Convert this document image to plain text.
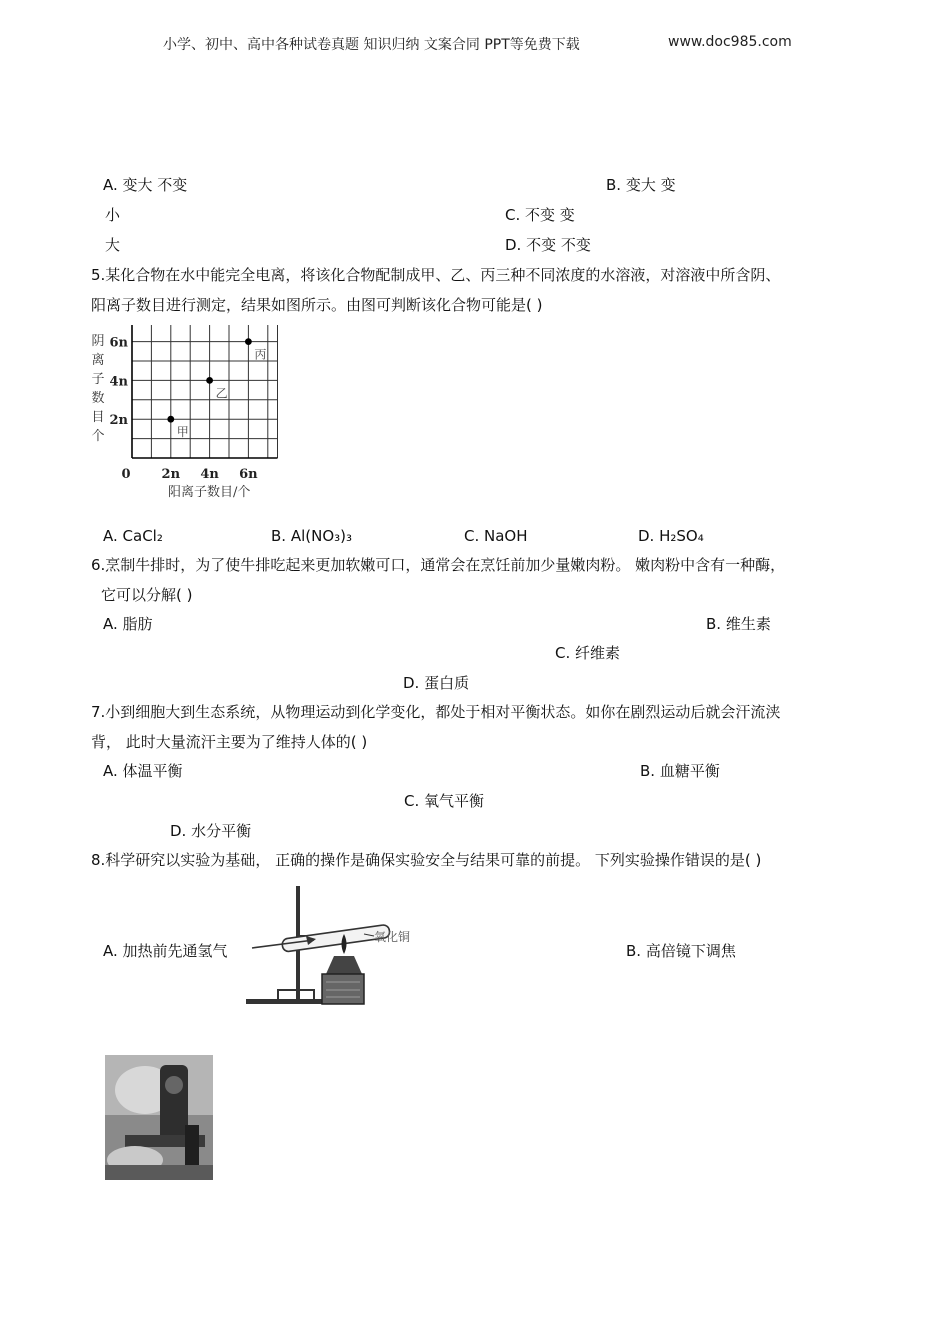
小学、初中、高中各种试卷真题 知识归纳 文案合同 PPT等免费下载	www.doc985.com
A. 变大 不变	B. 变大 变
小	C. 不变 变
大	D. 不变 不变
5.某化合物在水中能完全电离，将该化合物配制成甲、乙、丙三种不同浓度的水溶液，对溶液中所含阴、
阳离子数目进行测定，结果如图所示。由图可判断该化合物可能是( )
0 2n 4n 6n
2n
4n
6n
阴
离
子
数
目
个
阳离子数目/个
甲
乙
丙
A. CaCl₂	B. Al(NO₃)₃	C. NaOH	D. H₂SO₄
6.烹制牛排时，为了使牛排吃起来更加软嫩可口，通常会在烹饪前加少量嫩肉粉。 嫩肉粉中含有一种酶，
它可以分解( )
A. 脂肪	B. 维生素
C. 纤维素
D. 蛋白质
7.小到细胞大到生态系统，从物理运动到化学变化，都处于相对平衡状态。如你在剧烈运动后就会汗流浃
背， 此时大量流汗主要为了维持人体的( )
A. 体温平衡	B. 血糖平衡
C. 氧气平衡
D. 水分平衡
8.科学研究以实验为基础， 正确的操作是确保实验安全与结果可靠的前提。 下列实验操作错误的是( )
A. 加热前先通氢气	B. 高倍镜下调焦
氧化铜
